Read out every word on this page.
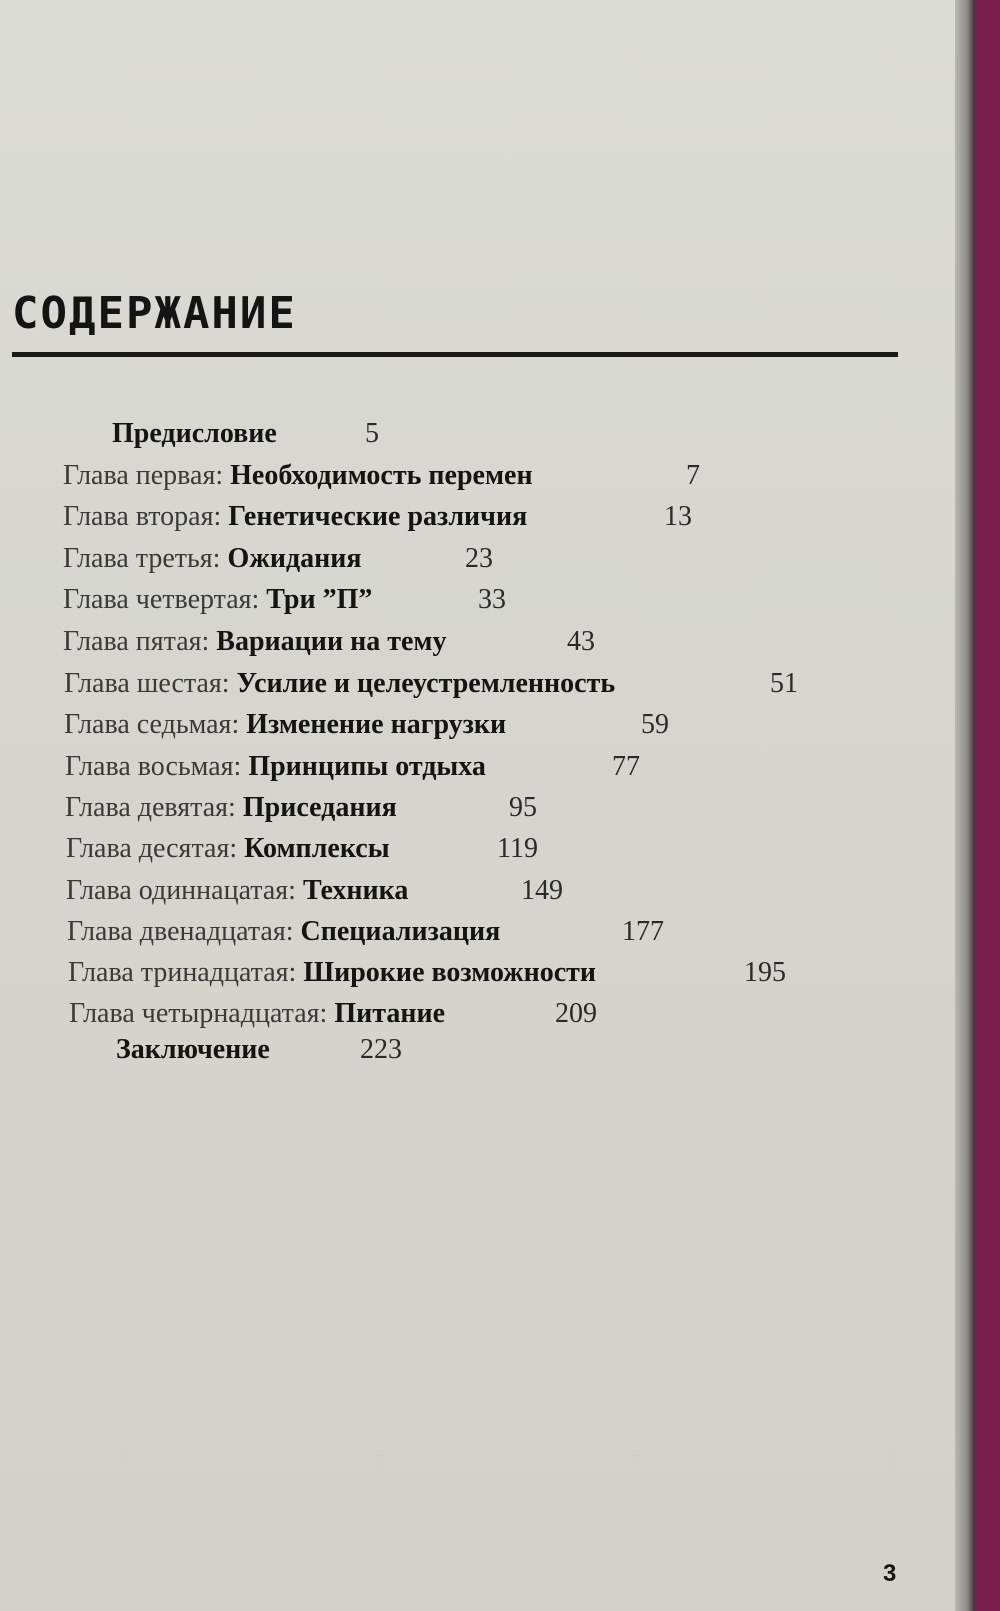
СОДЕРЖАНИЕ
Предисловие	5
Глава первая: Необходимость перемен	7
Глава вторая: Генетические различия	13
Глава третья: Ожидания	23
Глава четвертая: Три ”П”	33
Глава пятая: Вариации на тему	43
Глава шестая: Усилие и целеустремленность	51
Глава седьмая: Изменение нагрузки	59
Глава восьмая: Принципы отдыха	77
Глава девятая: Приседания	95
Глава десятая: Комплексы	119
Глава одиннацатая: Техника	149
Глава двенадцатая: Специализация	177
Глава тринадцатая: Широкие возможности	195
Глава четырнадцатая: Питание	209
Заключение	223
3
